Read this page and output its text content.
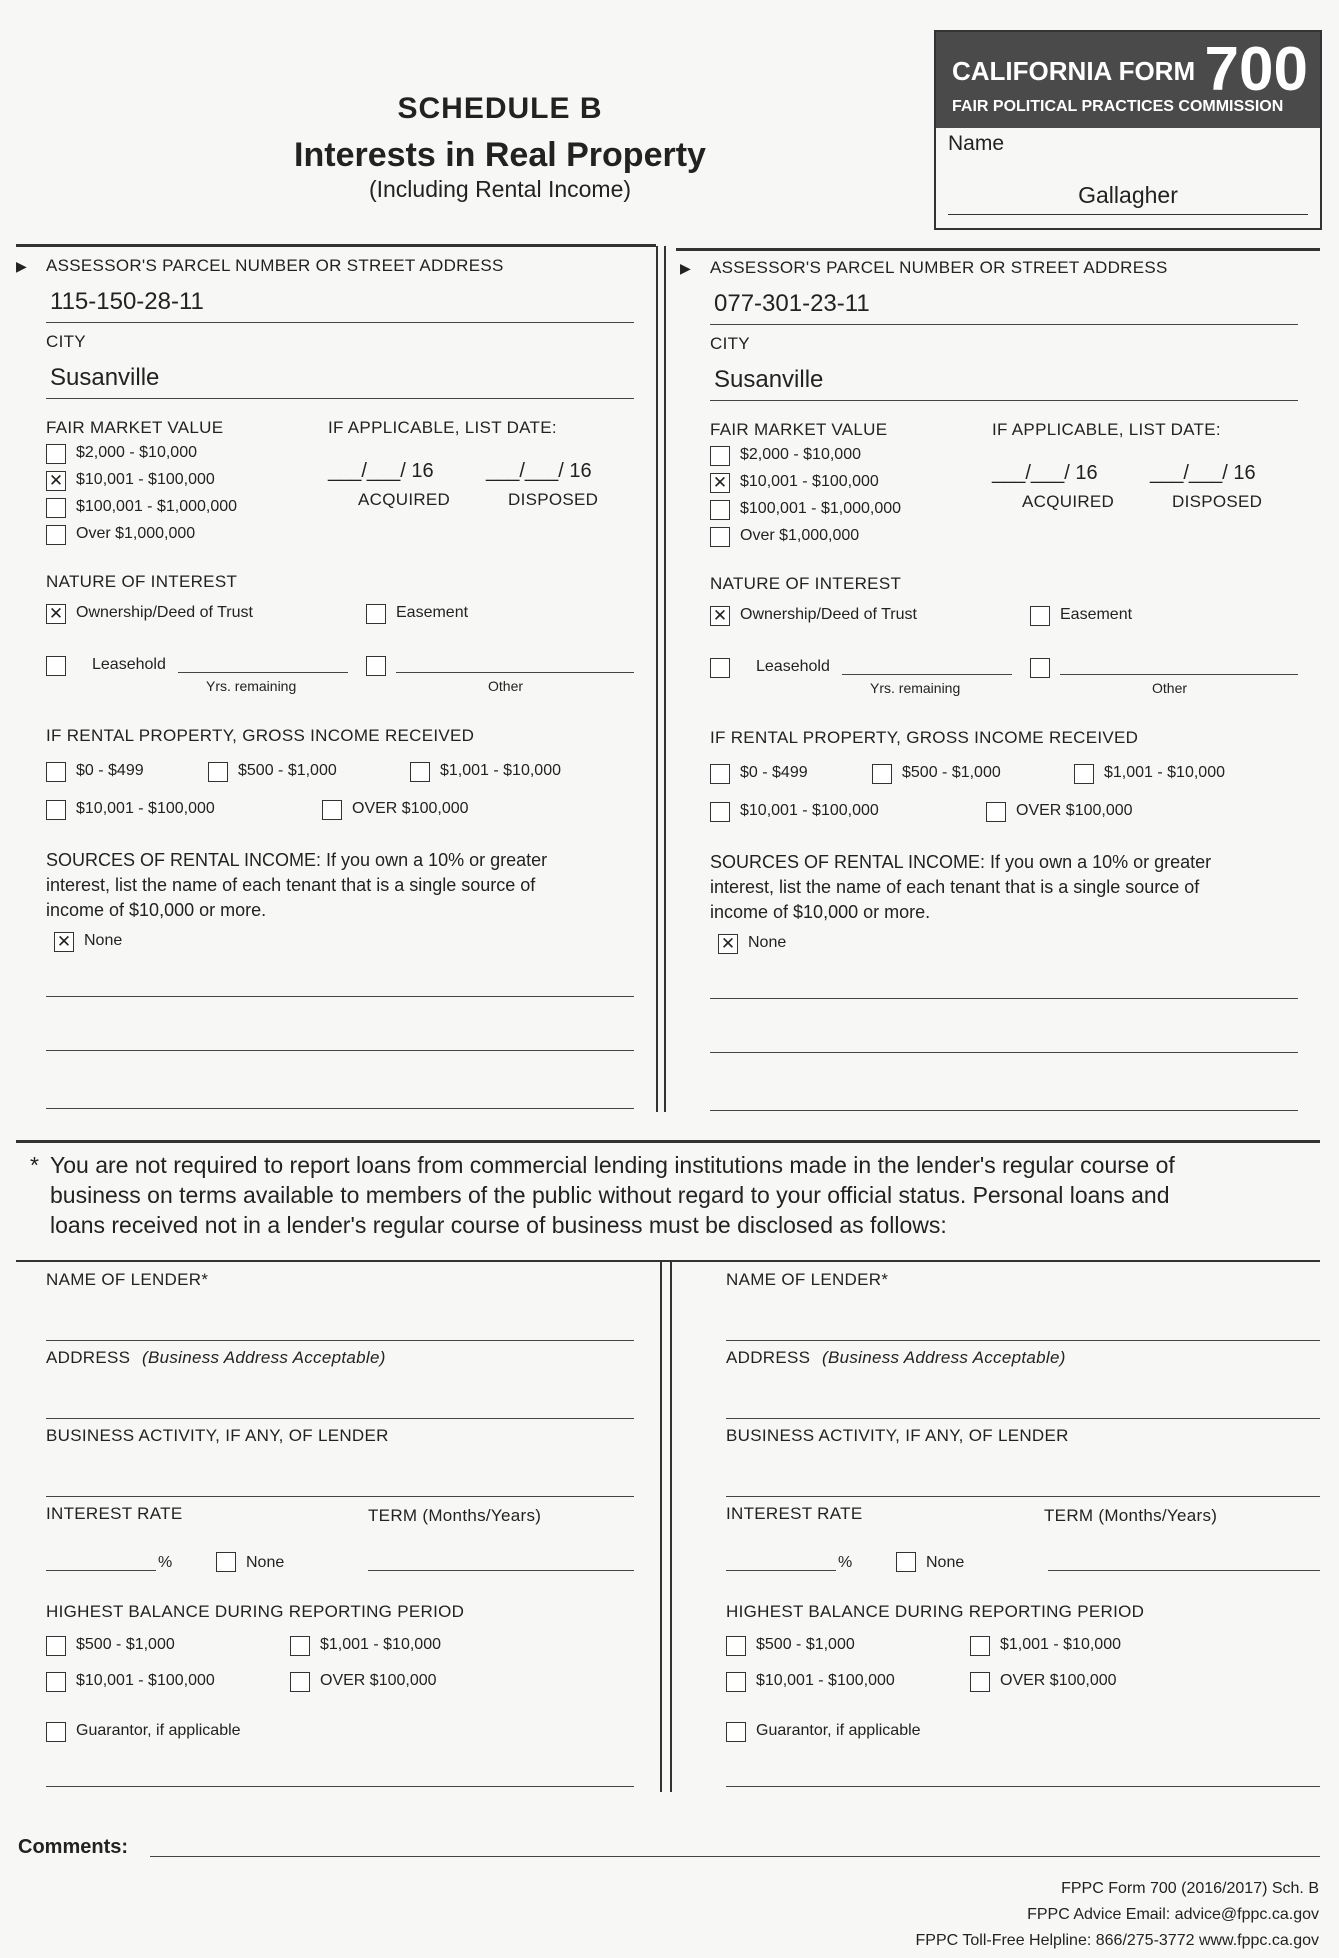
SCHEDULE B
Interests in Real Property
(Including Rental Income)
CALIFORNIA FORM 700
FAIR POLITICAL PRACTICES COMMISSION
Name
Gallagher
▶ ASSESSOR'S PARCEL NUMBER OR STREET ADDRESS
115-150-28-11
CITY
Susanville
FAIR MARKET VALUE	IF APPLICABLE, LIST DATE:
$2,000 - $10,000
✕ $10,001 - $100,000
$100,001 - $1,000,000
Over $1,000,000
___/___/ 16	___/___/ 16
ACQUIRED	DISPOSED
NATURE OF INTEREST
✕ Ownership/Deed of Trust	Easement
Leasehold
Yrs. remaining	Other
IF RENTAL PROPERTY, GROSS INCOME RECEIVED
$0 - $499	$500 - $1,000	$1,001 - $10,000
$10,001 - $100,000	OVER $100,000
SOURCES OF RENTAL INCOME: If you own a 10% or greater
interest, list the name of each tenant that is a single source of
income of $10,000 or more.
✕ None
▶ ASSESSOR'S PARCEL NUMBER OR STREET ADDRESS
077-301-23-11
CITY
Susanville
FAIR MARKET VALUE	IF APPLICABLE, LIST DATE:
$2,000 - $10,000
✕ $10,001 - $100,000
$100,001 - $1,000,000
Over $1,000,000
___/___/ 16	___/___/ 16
ACQUIRED	DISPOSED
NATURE OF INTEREST
✕ Ownership/Deed of Trust	Easement
Leasehold
Yrs. remaining	Other
IF RENTAL PROPERTY, GROSS INCOME RECEIVED
$0 - $499	$500 - $1,000	$1,001 - $10,000
$10,001 - $100,000	OVER $100,000
SOURCES OF RENTAL INCOME: If you own a 10% or greater
interest, list the name of each tenant that is a single source of
income of $10,000 or more.
✕ None
* You are not required to report loans from commercial lending institutions made in the lender's regular course of
business on terms available to members of the public without regard to your official status. Personal loans and
loans received not in a lender's regular course of business must be disclosed as follows:
NAME OF LENDER*
ADDRESS (Business Address Acceptable)
BUSINESS ACTIVITY, IF ANY, OF LENDER
INTEREST RATE	TERM (Months/Years)
%	None
HIGHEST BALANCE DURING REPORTING PERIOD
$500 - $1,000	$1,001 - $10,000
$10,001 - $100,000	OVER $100,000
Guarantor, if applicable
NAME OF LENDER*
ADDRESS (Business Address Acceptable)
BUSINESS ACTIVITY, IF ANY, OF LENDER
INTEREST RATE	TERM (Months/Years)
%	None
HIGHEST BALANCE DURING REPORTING PERIOD
$500 - $1,000	$1,001 - $10,000
$10,001 - $100,000	OVER $100,000
Guarantor, if applicable
Comments:
FPPC Form 700 (2016/2017) Sch. B
FPPC Advice Email: advice@fppc.ca.gov
FPPC Toll-Free Helpline: 866/275-3772 www.fppc.ca.gov
